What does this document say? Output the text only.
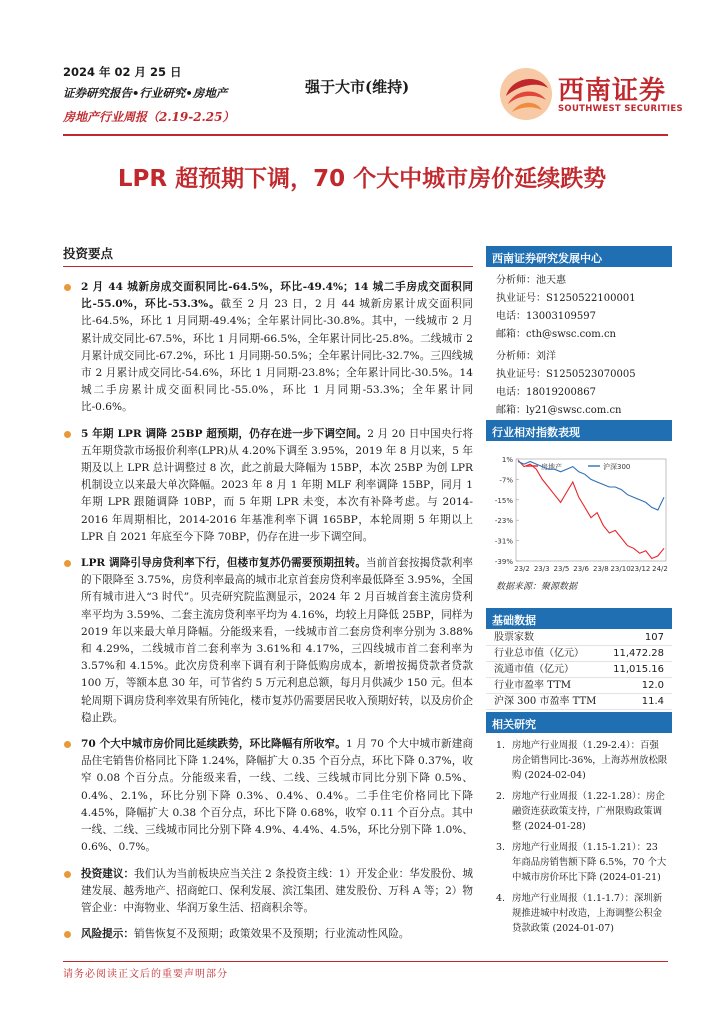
2024 年 02 月 25 日
证券研究报告•行业研究•房地产
房地产行业周报（2.19-2.25）
强于大市(维持)	西南证券
SOUTHWEST SECURITIES
LPR 超预期下调，70 个大中城市房价延续跌势
投资要点
2 月 44 城新房成交面积同比-64.5%，环比-49.4%；14 城二手房成交面积同比-55.0%，环比-53.3%。截至 2 月 23 日，2 月 44 城新房累计成交面积同比-64.5%，环比 1 月同期-49.4%；全年累计同比-30.8%。其中，一线城市 2 月累计成交同比-67.5%，环比 1 月同期-66.5%，全年累计同比-25.8%。二线城市 2 月累计成交同比-67.2%，环比 1 月同期-50.5%；全年累计同比-32.7%。三四线城市 2 月累计成交同比-54.6%，环比 1 月同期-23.8%；全年累计同比-30.5%。14 城二手房累计成交面积同比-55.0%，环比 1 月同期-53.3%；全年累计同比-0.6%。
5 年期 LPR 调降 25BP 超预期，仍存在进一步下调空间。2 月 20 日中国央行将五年期贷款市场报价利率(LPR)从 4.20%下调至 3.95%，2019 年 8 月以来，5 年期及以上 LPR 总计调整过 8 次，此之前最大降幅为 15BP，本次 25BP 为创 LPR 机制设立以来最大单次降幅。2023 年 8 月 1 年期 MLF 利率调降 15BP，同月 1 年期 LPR 跟随调降 10BP，而 5 年期 LPR 未变，本次有补降考虑。与 2014-2016 年周期相比，2014-2016 年基准利率下调 165BP，本轮周期 5 年期以上 LPR 自 2021 年底至今下降 70BP，仍存在进一步下调空间。
LPR 调降引导房贷利率下行，但楼市复苏仍需要预期扭转。当前首套按揭贷款利率的下限降至 3.75%，房贷利率最高的城市北京首套房贷利率最低降至 3.95%，全国所有城市进入“3 时代”。贝壳研究院监测显示，2024 年 2 月百城首套主流房贷利率平均为 3.59%、二套主流房贷利率平均为 4.16%，均较上月降低 25BP，同样为 2019 年以来最大单月降幅。分能级来看，一线城市首二套房贷利率分别为 3.88%和 4.29%，二线城市首二套利率为 3.61%和 4.17%，三四线城市首二套利率为 3.57%和 4.15%。此次房贷利率下调有利于降低购房成本，新增按揭贷款者贷款 100 万，等额本息 30 年，可节省约 5 万元利息总额，每月月供减少 150 元。但本轮周期下调房贷利率效果有所钝化，楼市复苏仍需要居民收入预期好转，以及房价企稳止跌。
70 个大中城市房价同比延续跌势，环比降幅有所收窄。1 月 70 个大中城市新建商品住宅销售价格同比下降 1.24%，降幅扩大 0.35 个百分点，环比下降 0.37%，收窄 0.08 个百分点。分能级来看，一线、二线、三线城市同比分别下降 0.5%、0.4%、2.1%，环比分别下降 0.3%、0.4%、0.4%。二手住宅价格同比下降 4.45%，降幅扩大 0.38 个百分点，环比下降 0.68%，收窄 0.11 个百分点。其中一线、二线、三线城市同比分别下降 4.9%、4.4%、4.5%，环比分别下降 1.0%、0.6%、0.7%。
投资建议：我们认为当前板块应当关注 2 条投资主线：1）开发企业：华发股份、城建发展、越秀地产、招商蛇口、保利发展、滨江集团、建发股份、万科 A 等；2）物管企业：中海物业、华润万象生活、招商积余等。
风险提示：销售恢复不及预期；政策效果不及预期；行业流动性风险。
西南证券研究发展中心
分析师：池天惠
执业证号：S1250522100001
电话：13003109597
邮箱：cth@swsc.com.cn
分析师：刘洋
执业证号：S1250523070005
电话：18019200867
邮箱：ly21@swsc.com.cn
行业相对指数表现
1%
-7%
-15%
-23%
-31%
-39%
23/2 23/3 23/5 23/6 23/8 23/10 23/12 24/2
房地产	沪深300
数据来源：聚源数据
基础数据
股票家数	107
行业总市值（亿元）	11,472.28
流通市值（亿元）	11,015.16
行业市盈率 TTM	12.0
沪深 300 市盈率 TTM	11.4
相关研究
1. 房地产行业周报（1.29-2.4）：百强房企销售同比-36%，上海苏州放松限购 (2024-02-04)
2. 房地产行业周报（1.22-1.28）：房企融资连获政策支持，广州限购政策调整 (2024-01-28)
3. 房地产行业周报（1.15-1.21）：23 年商品房销售额下降 6.5%，70 个大中城市房价环比下降 (2024-01-21)
4. 房地产行业周报（1.1-1.7）：深圳新规推进城中村改造，上海调整公积金贷款政策 (2024-01-07)
请务必阅读正文后的重要声明部分
